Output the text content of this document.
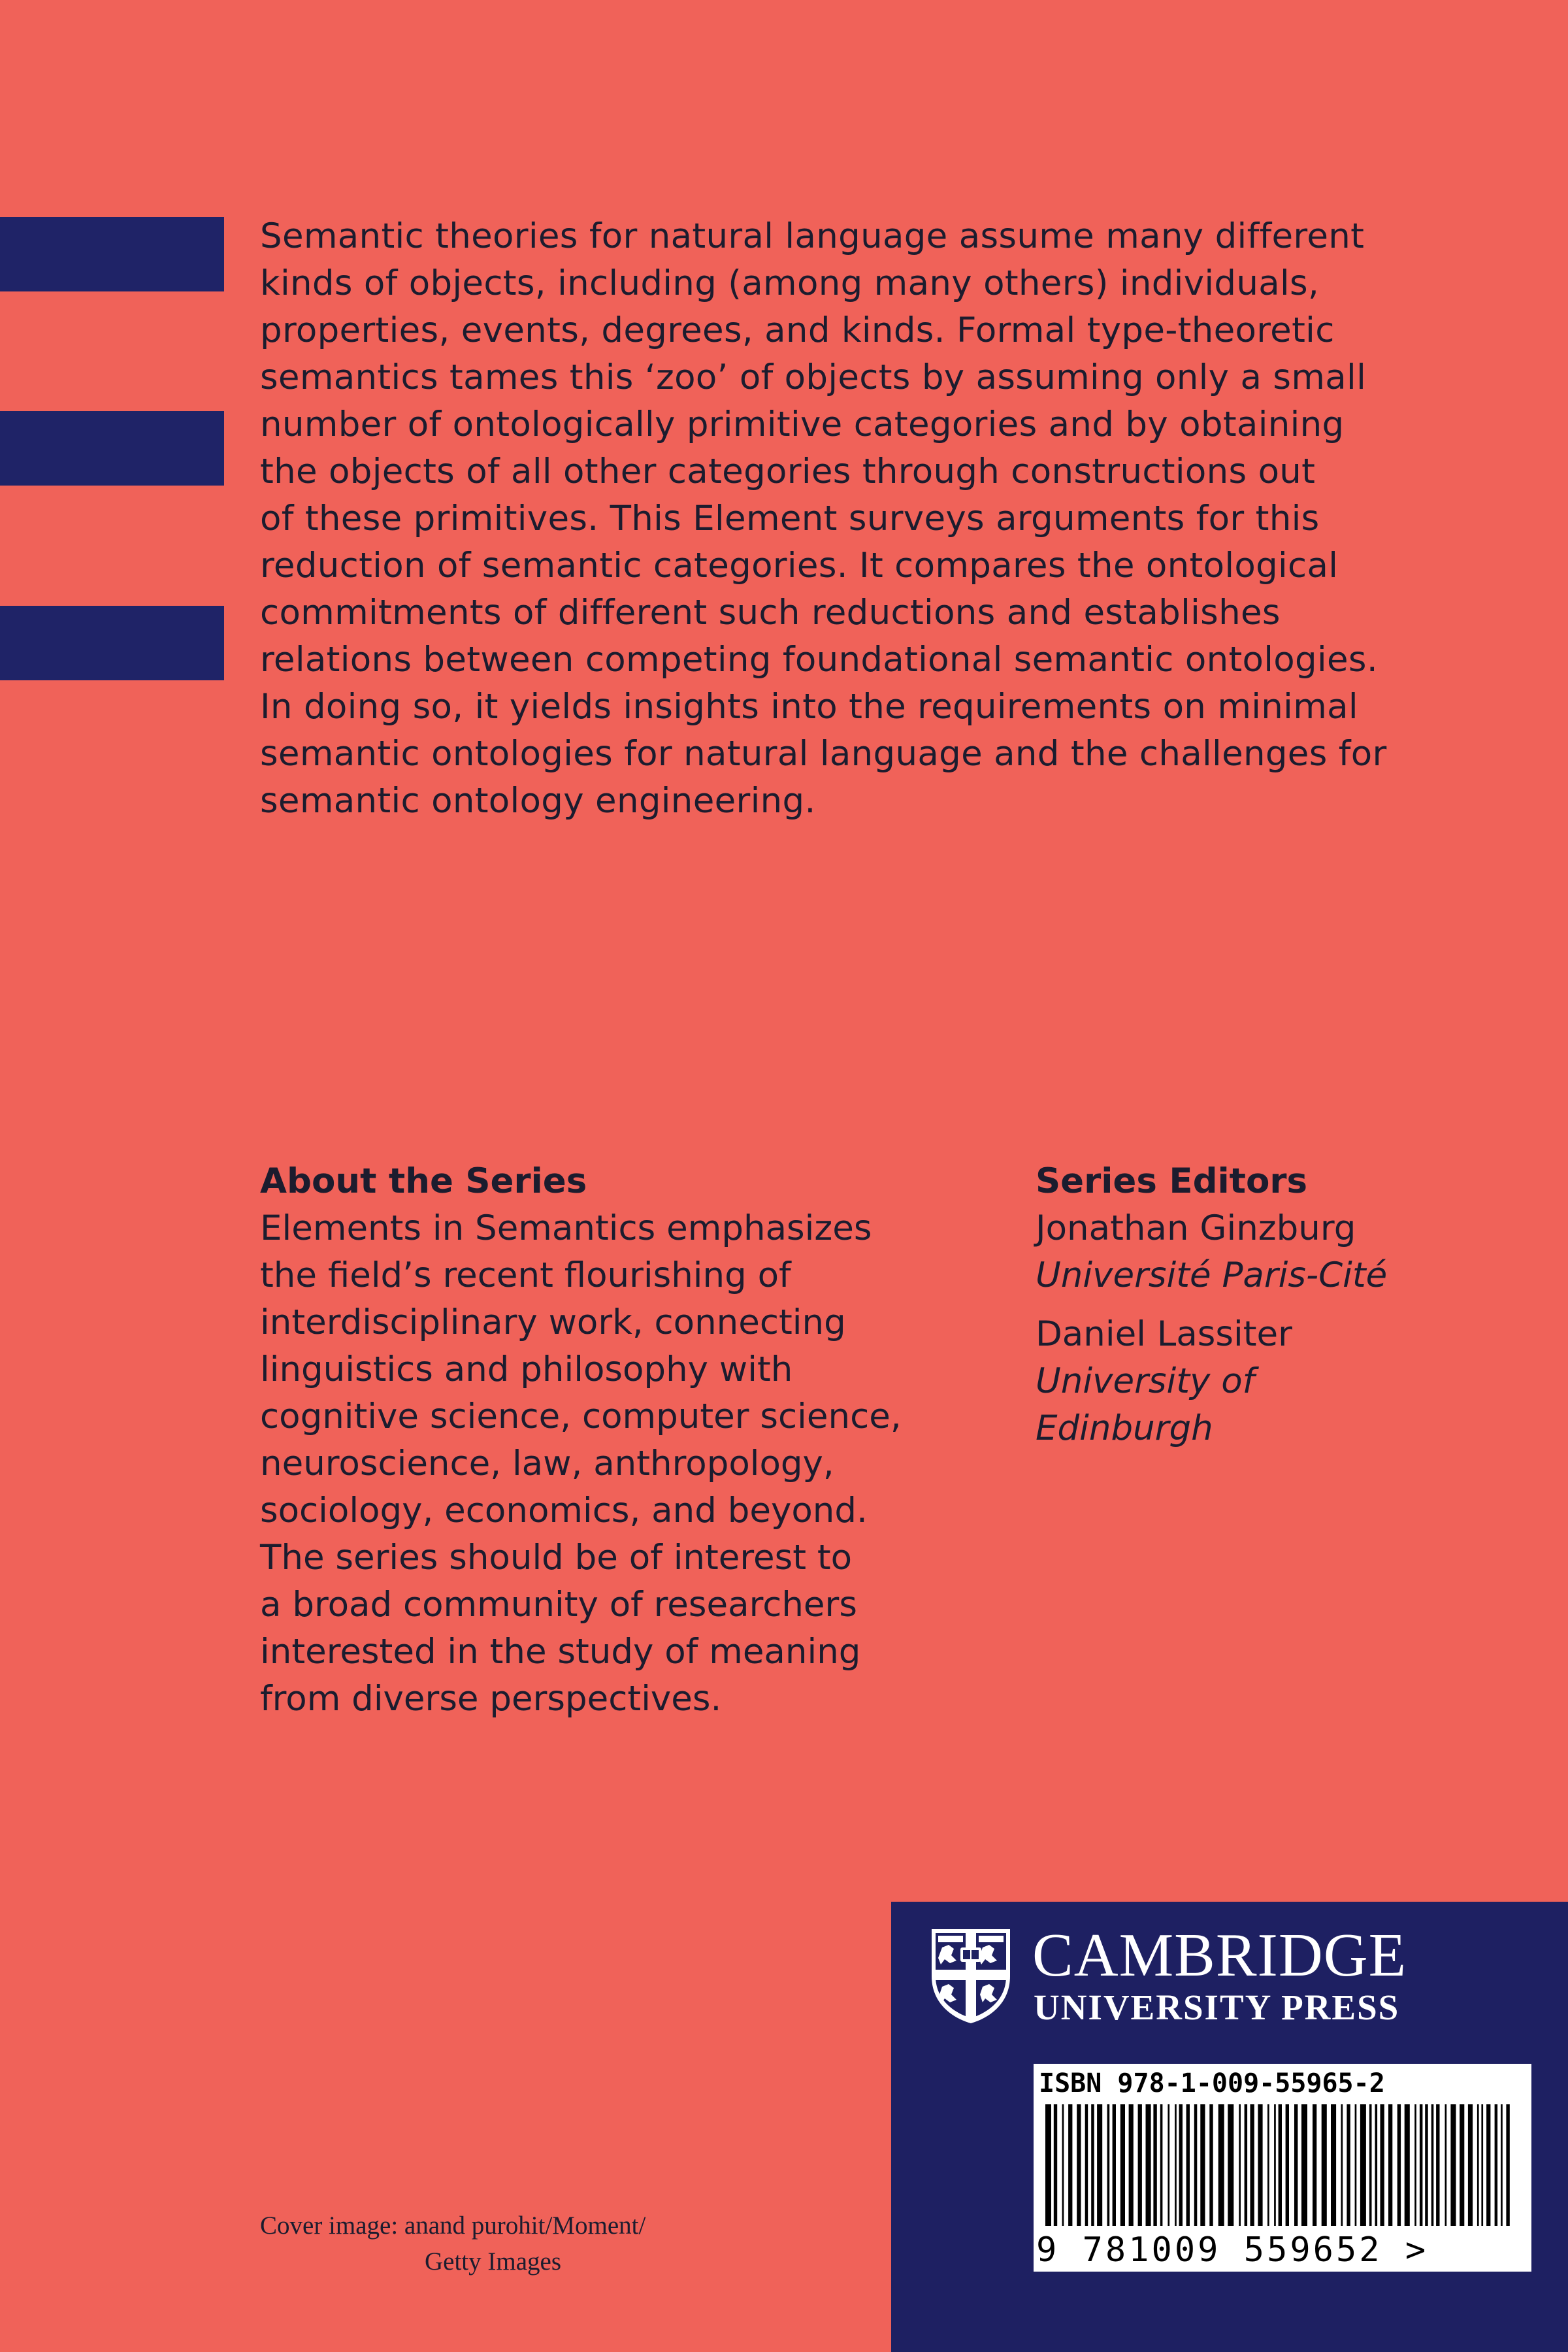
Semantic theories for natural language assume many different
kinds of objects, including (among many others) individuals,
properties, events, degrees, and kinds. Formal type-theoretic
semantics tames this ‘zoo’ of objects by assuming only a small
number of ontologically primitive categories and by obtaining
the objects of all other categories through constructions out
of these primitives. This Element surveys arguments for this
reduction of semantic categories. It compares the ontological
commitments of different such reductions and establishes
relations between competing foundational semantic ontologies.
In doing so, it yields insights into the requirements on minimal
semantic ontologies for natural language and the challenges for
semantic ontology engineering.
About the Series
Elements in Semantics emphasizes
the field’s recent flourishing of
interdisciplinary work, connecting
linguistics and philosophy with
cognitive science, computer science,
neuroscience, law, anthropology,
sociology, economics, and beyond.
The series should be of interest to
a broad community of researchers
interested in the study of meaning
from diverse perspectives.
Series Editors
Jonathan Ginzburg
Université Paris-Cité
Daniel Lassiter
University of
Edinburgh
Cover image: anand purohit/Moment/
Getty Images
CAMBRIDGE
UNIVERSITY PRESS
ISBN 978-1-009-55965-2
9 781009 559652 >
